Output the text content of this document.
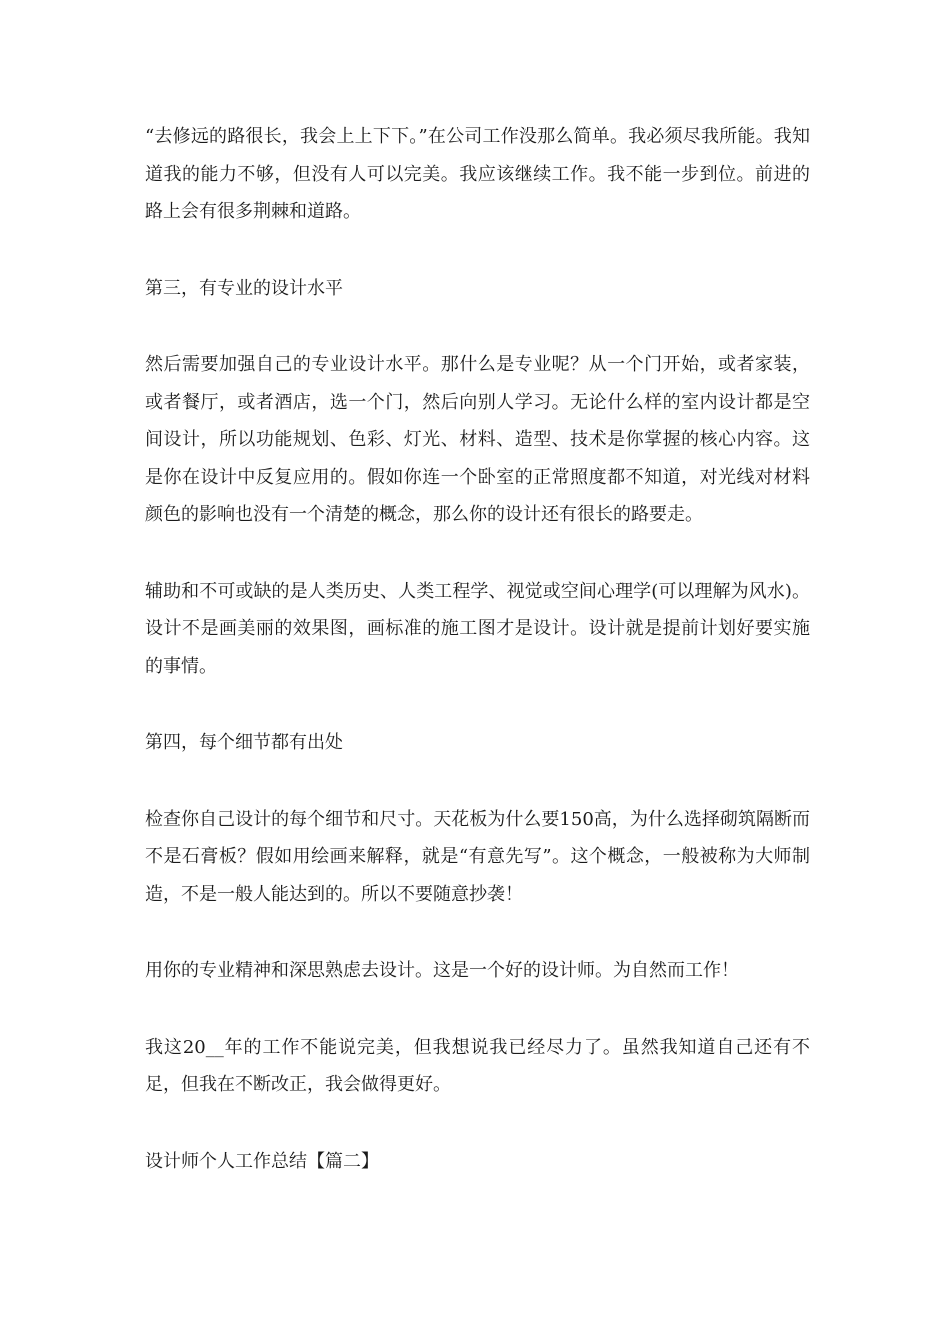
“去修远的路很长，我会上上下下。”在公司工作没那么简单。我必须尽我所能。我知道我的能力不够，但没有人可以完美。我应该继续工作。我不能一步到位。前进的路上会有很多荆棘和道路。

第三，有专业的设计水平

然后需要加强自己的专业设计水平。那什么是专业呢？从一个门开始，或者家装，或者餐厅，或者酒店，选一个门，然后向别人学习。无论什么样的室内设计都是空间设计，所以功能规划、色彩、灯光、材料、造型、技术是你掌握的核心内容。这是你在设计中反复应用的。假如你连一个卧室的正常照度都不知道，对光线对材料颜色的影响也没有一个清楚的概念，那么你的设计还有很长的路要走。

辅助和不可或缺的是人类历史、人类工程学、视觉或空间心理学(可以理解为风水)。设计不是画美丽的效果图，画标准的施工图才是设计。设计就是提前计划好要实施的事情。

第四，每个细节都有出处

检查你自己设计的每个细节和尺寸。天花板为什么要150高，为什么选择砌筑隔断而不是石膏板？假如用绘画来解释，就是“有意先写”。这个概念，一般被称为大师制造，不是一般人能达到的。所以不要随意抄袭！

用你的专业精神和深思熟虑去设计。这是一个好的设计师。为自然而工作！

我这20__年的工作不能说完美，但我想说我已经尽力了。虽然我知道自己还有不足，但我在不断改正，我会做得更好。

设计师个人工作总结【篇二】
